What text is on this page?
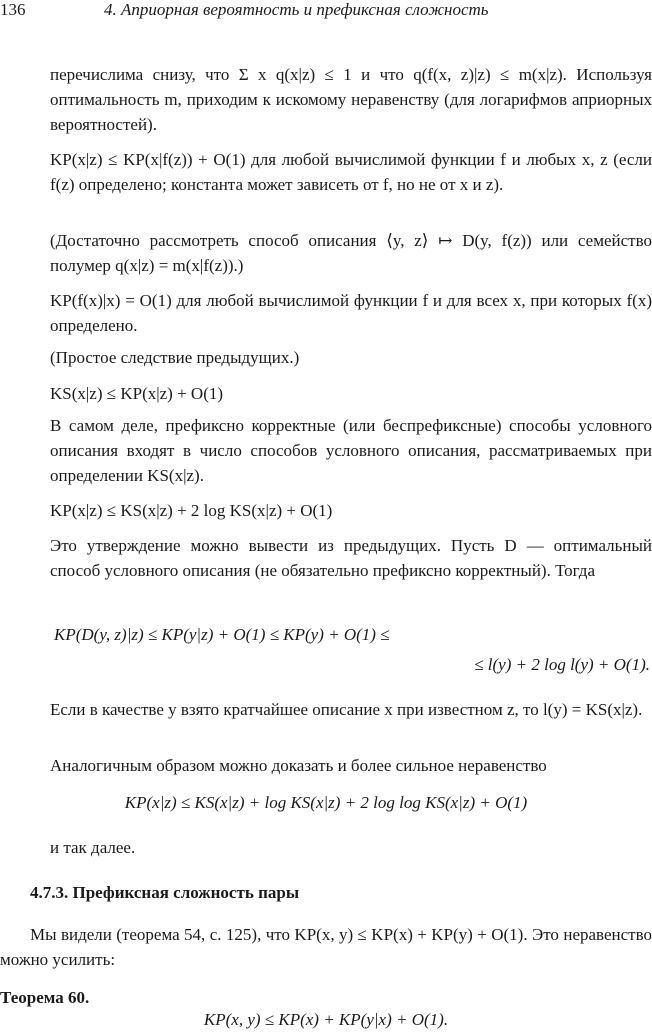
136	4. Априорная вероятность и префиксная сложность
перечислима снизу, что Σ x q(x|z) ≤ 1 и что q(f(x, z)|z) ≤ m(x|z). Используя оптимальность m, приходим к искомому неравенству (для логарифмов априорных вероятностей).
KP(x|z) ≤ KP(x|f(z)) + O(1) для любой вычислимой функции f и любых x, z (если f(z) определено; константа может зависеть от f, но не от x и z).
(Достаточно рассмотреть способ описания ⟨y, z⟩ ↦ D(y, f(z)) или семейство полумер q(x|z) = m(x|f(z)).)
KP(f(x)|x) = O(1) для любой вычислимой функции f и для всех x, при которых f(x) определено.
(Простое следствие предыдущих.)
KS(x|z) ≤ KP(x|z) + O(1)
В самом деле, префиксно корректные (или беспрефиксные) способы условного описания входят в число способов условного описания, рассматриваемых при определении KS(x|z).
KP(x|z) ≤ KS(x|z) + 2 log KS(x|z) + O(1)
Это утверждение можно вывести из предыдущих. Пусть D — оптимальный способ условного описания (не обязательно префиксно корректный). Тогда
KP(D(y, z)|z) ≤ KP(y|z) + O(1) ≤ KP(y) + O(1) ≤
≤ l(y) + 2 log l(y) + O(1).
Если в качестве y взято кратчайшее описание x при известном z, то l(y) = KS(x|z).
Аналогичным образом можно доказать и более сильное неравенство
KP(x|z) ≤ KS(x|z) + log KS(x|z) + 2 log log KS(x|z) + O(1)
и так далее.
4.7.3. Префиксная сложность пары
Мы видели (теорема 54, с. 125), что KP(x, y) ≤ KP(x) + KP(y) + O(1). Это неравенство можно усилить:
Теорема 60.
KP(x, y) ≤ KP(x) + KP(y|x) + O(1).
